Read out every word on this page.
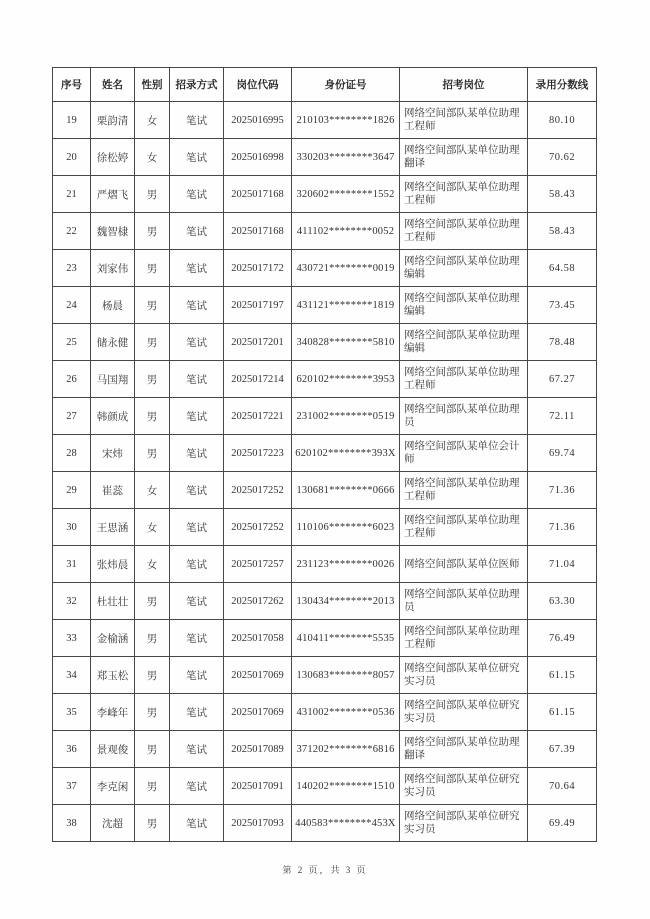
序号	姓名	性别	招录方式	岗位代码	身份证号	招考岗位	录用分数线
19	栗韵清	女	笔试	2025016995	210103********1826	网络空间部队某单位助理工程师	80.10
20	徐松婷	女	笔试	2025016998	330203********3647	网络空间部队某单位助理翻译	70.62
21	严熠飞	男	笔试	2025017168	320602********1552	网络空间部队某单位助理工程师	58.43
22	魏智棣	男	笔试	2025017168	411102********0052	网络空间部队某单位助理工程师	58.43
23	刘家伟	男	笔试	2025017172	430721********0019	网络空间部队某单位助理编辑	64.58
24	杨晨	男	笔试	2025017197	431121********1819	网络空间部队某单位助理编辑	73.45
25	储永健	男	笔试	2025017201	340828********5810	网络空间部队某单位助理编辑	78.48
26	马国翔	男	笔试	2025017214	620102********3953	网络空间部队某单位助理工程师	67.27
27	韩颜成	男	笔试	2025017221	231002********0519	网络空间部队某单位助理员	72.11
28	宋炜	男	笔试	2025017223	620102********393X	网络空间部队某单位会计师	69.74
29	崔蕊	女	笔试	2025017252	130681********0666	网络空间部队某单位助理工程师	71.36
30	王思涵	女	笔试	2025017252	110106********6023	网络空间部队某单位助理工程师	71.36
31	张炜晨	女	笔试	2025017257	231123********0026	网络空间部队某单位医师	71.04
32	杜壮壮	男	笔试	2025017262	130434********2013	网络空间部队某单位助理员	63.30
33	金榆涵	男	笔试	2025017058	410411********5535	网络空间部队某单位助理工程师	76.49
34	郑玉松	男	笔试	2025017069	130683********8057	网络空间部队某单位研究实习员	61.15
35	李峰年	男	笔试	2025017069	431002********0536	网络空间部队某单位研究实习员	61.15
36	景观俊	男	笔试	2025017089	371202********6816	网络空间部队某单位助理翻译	67.39
37	李克闲	男	笔试	2025017091	140202********1510	网络空间部队某单位研究实习员	70.64
38	沈超	男	笔试	2025017093	440583********453X	网络空间部队某单位研究实习员	69.49
第 2 页，共 3 页
